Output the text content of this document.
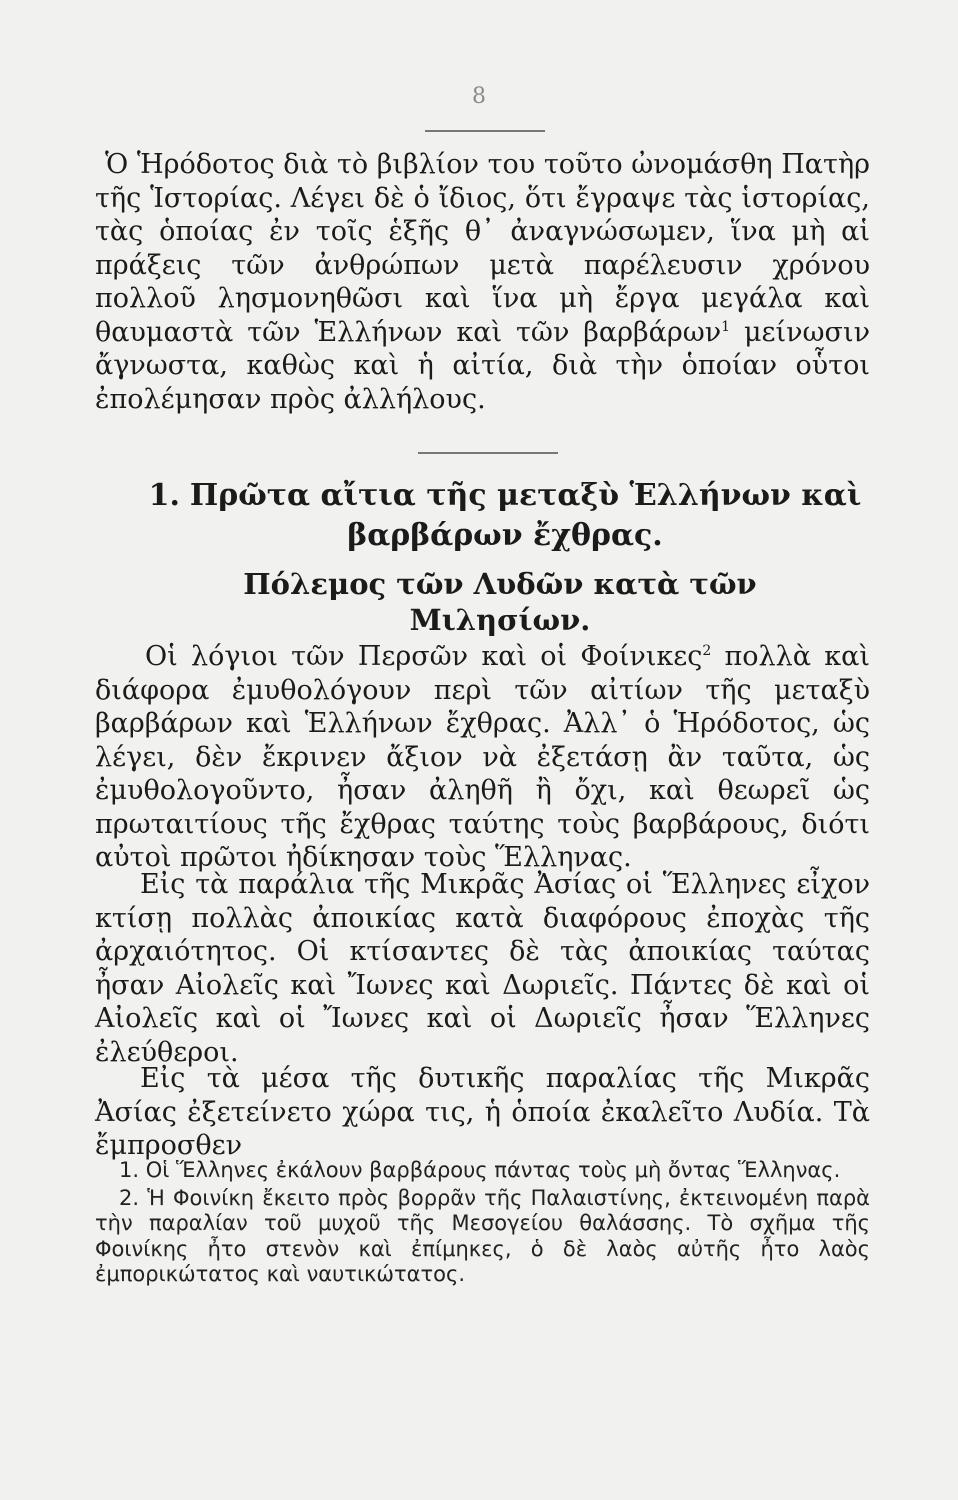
8

Ὁ Ἡρόδοτος διὰ τὸ βιβλίον του τοῦτο ὠνομάσθη Πατὴρ τῆς Ἱστορίας. Λέγει δὲ ὁ ἴδιος, ὅτι ἔγραψε τὰς ἱστορίας, τὰς ὁποίας ἐν τοῖς ἑξῆς θ᾽ ἀναγνώσωμεν, ἵνα μὴ αἱ πράξεις τῶν ἀνθρώπων μετὰ παρέλευσιν χρόνου πολλοῦ λησμονηθῶσι καὶ ἵνα μὴ ἔργα μεγάλα καὶ θαυμαστὰ τῶν Ἑλλήνων καὶ τῶν βαρβάρων$^1$ μείνωσιν ἄγνωστα, καθὼς καὶ ἡ αἰτία, διὰ τὴν ὁποίαν οὗτοι ἐπολέμησαν πρὸς ἀλλήλους.

1. Πρῶτα αἴτια τῆς μεταξὺ Ἑλλήνων καὶ βαρβάρων ἔχθρας.
Πόλεμος τῶν Λυδῶν κατὰ τῶν Μιλησίων.

Οἱ λόγιοι τῶν Περσῶν καὶ οἱ Φοίνικες$^2$ πολλὰ καὶ διάφορα ἐμυθολόγουν περὶ τῶν αἰτίων τῆς μεταξὺ βαρβάρων καὶ Ἑλλήνων ἔχθρας. Ἀλλ᾽ ὁ Ἡρόδοτος, ὡς λέγει, δὲν ἔκρινεν ἄξιον νὰ ἐξετάσῃ ἂν ταῦτα, ὡς ἐμυθολογοῦντο, ἦσαν ἀληθῆ ἢ ὄχι, καὶ θεωρεῖ ὡς πρωταιτίους τῆς ἔχθρας ταύτης τοὺς βαρβάρους, διότι αὐτοὶ πρῶτοι ἠδίκησαν τοὺς Ἕλληνας.

Εἰς τὰ παράλια τῆς Μικρᾶς Ἀσίας οἱ Ἕλληνες εἶχον κτίσῃ πολλὰς ἀποικίας κατὰ διαφόρους ἐποχὰς τῆς ἀρχαιότητος. Οἱ κτίσαντες δὲ τὰς ἀποικίας ταύτας ἦσαν Αἰολεῖς καὶ Ἴωνες καὶ Δωριεῖς. Πάντες δὲ καὶ οἱ Αἰολεῖς καὶ οἱ Ἴωνες καὶ οἱ Δωριεῖς ἦσαν Ἕλληνες ἐλεύθεροι.

Εἰς τὰ μέσα τῆς δυτικῆς παραλίας τῆς Μικρᾶς Ἀσίας ἐξετείνετο χώρα τις, ἡ ὁποία ἐκαλεῖτο Λυδία. Τὰ ἔμπροσθεν

1. Οἱ Ἕλληνες ἐκάλουν βαρβάρους πάντας τοὺς μὴ ὄντας Ἕλληνας.

2. Ἡ Φοινίκη ἔκειτο πρὸς βορρᾶν τῆς Παλαιστίνης, ἐκτεινομένη παρὰ τὴν παραλίαν τοῦ μυχοῦ τῆς Μεσογείου θαλάσσης. Τὸ σχῆμα τῆς Φοινίκης ἦτο στενὸν καὶ ἐπίμηκες, ὁ δὲ λαὸς αὐτῆς ἦτο λαὸς ἐμπορικώτατος καὶ ναυτικώτατος.
